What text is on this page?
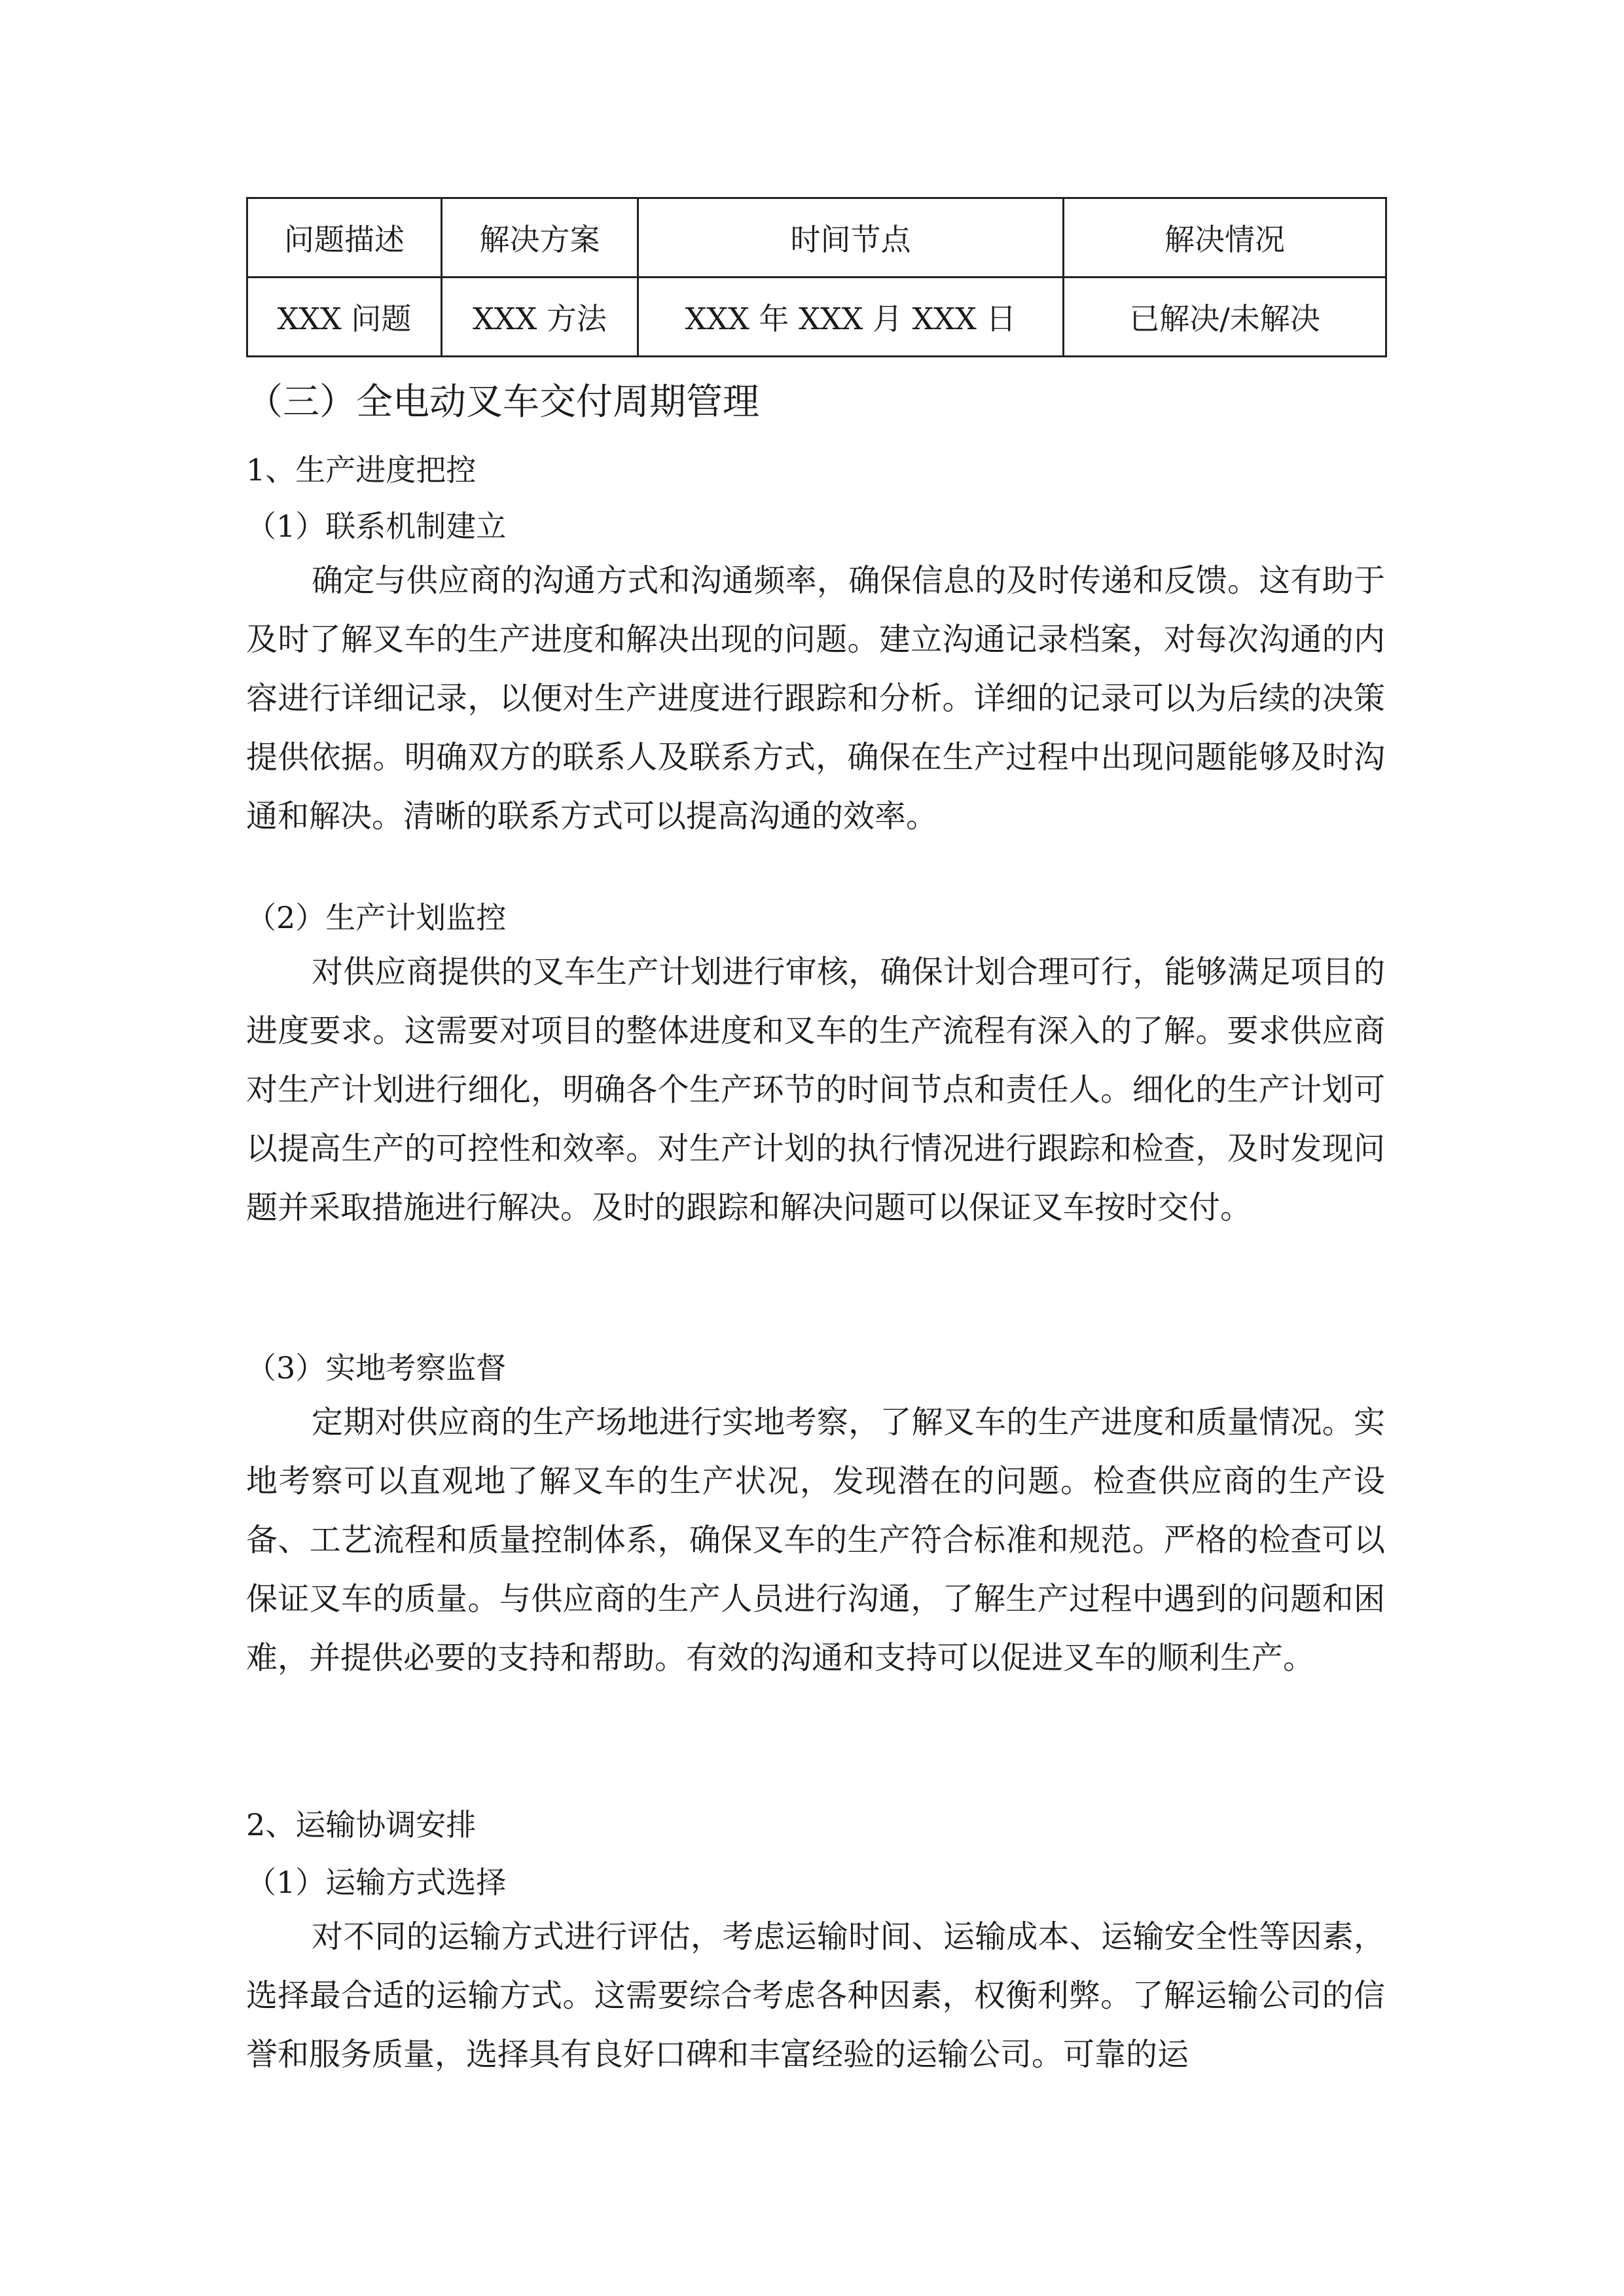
问题描述	解决方案	时间节点	解决情况
XXX 问题	XXX 方法	XXX 年 XXX 月 XXX 日	已解决/未解决
（三）全电动叉车交付周期管理
1、生产进度把控
（1）联系机制建立

确定与供应商的沟通方式和沟通频率，确保信息的及时传递和反馈。这有助于及时了解叉车的生产进度和解决出现的问题。建立沟通记录档案，对每次沟通的内容进行详细记录，以便对生产进度进行跟踪和分析。详细的记录可以为后续的决策提供依据。明确双方的联系人及联系方式，确保在生产过程中出现问题能够及时沟通和解决。清晰的联系方式可以提高沟通的效率。

（2）生产计划监控

对供应商提供的叉车生产计划进行审核，确保计划合理可行，能够满足项目的进度要求。这需要对项目的整体进度和叉车的生产流程有深入的了解。要求供应商对生产计划进行细化，明确各个生产环节的时间节点和责任人。细化的生产计划可以提高生产的可控性和效率。对生产计划的执行情况进行跟踪和检查，及时发现问题并采取措施进行解决。及时的跟踪和解决问题可以保证叉车按时交付。

（3）实地考察监督

定期对供应商的生产场地进行实地考察，了解叉车的生产进度和质量情况。实地考察可以直观地了解叉车的生产状况，发现潜在的问题。检查供应商的生产设备、工艺流程和质量控制体系，确保叉车的生产符合标准和规范。严格的检查可以保证叉车的质量。与供应商的生产人员进行沟通，了解生产过程中遇到的问题和困难，并提供必要的支持和帮助。有效的沟通和支持可以促进叉车的顺利生产。

2、运输协调安排
（1）运输方式选择

对不同的运输方式进行评估，考虑运输时间、运输成本、运输安全性等因素，选择最合适的运输方式。这需要综合考虑各种因素，权衡利弊。了解运输公司的信誉和服务质量，选择具有良好口碑和丰富经验的运输公司。可靠的运
